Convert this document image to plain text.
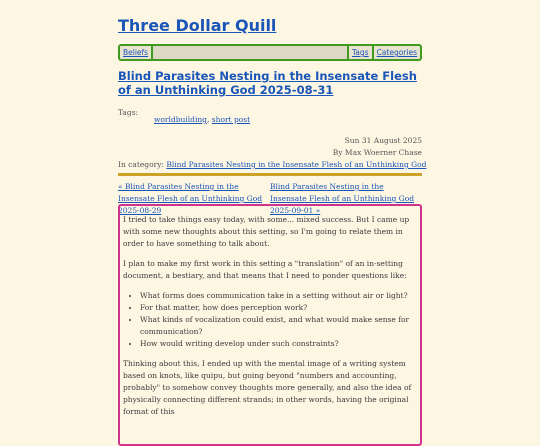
Three Dollar Quill
Beliefs	Tags	Categories
Blind Parasites Nesting in the Insensate Flesh of an Unthinking God 2025-08-31
Tags:
worldbuilding, short post
Sun 31 August 2025
By Max Woerner Chase
In category: Blind Parasites Nesting in the Insensate Flesh of an Unthinking God
« Blind Parasites Nesting in the Insensate Flesh of an Unthinking God 2025-08-29
Blind Parasites Nesting in the Insensate Flesh of an Unthinking God 2025-09-01 »

I tried to take things easy today, with some... mixed success. But I came up with some new thoughts about this setting, so I'm going to relate them in order to have something to talk about.

I plan to make my first work in this setting a "translation" of an in-setting document, a bestiary, and that means that I need to ponder questions like:

• What forms does communication take in a setting without air or light?
• For that matter, how does perception work?
• What kinds of vocalization could exist, and what would make sense for communication?
• How would writing develop under such constraints?

Thinking about this, I ended up with the mental image of a writing system based on knots, like quipu, but going beyond "numbers and accounting, probably" to somehow convey thoughts more generally, and also the idea of physically connecting different strands; in other words, having the original format of this
